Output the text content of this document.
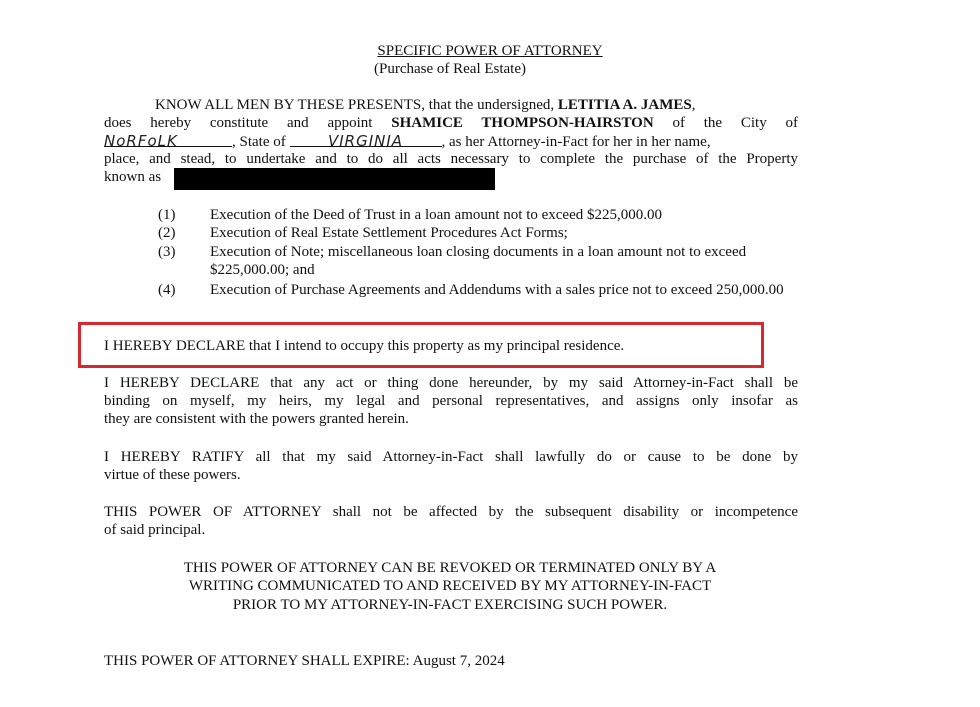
SPECIFIC POWER OF ATTORNEY
(Purchase of Real Estate)
KNOW ALL MEN BY THESE PRESENTS, that the undersigned, LETITIA A. JAMES,
does hereby constitute and appoint SHAMICE THOMPSON-HAIRSTON of the City of
NoRFoLK	, State of	VIRGINIA	, as her Attorney-in-Fact for her in her name,
place, and stead, to undertake and to do all acts necessary to complete the purchase of the Property
known as
(1)	Execution of the Deed of Trust in a loan amount not to exceed $225,000.00
(2)	Execution of Real Estate Settlement Procedures Act Forms;
(3)	Execution of Note; miscellaneous loan closing documents in a loan amount not to exceed $225,000.00; and
(4)	Execution of Purchase Agreements and Addendums with a sales price not to exceed 250,000.00
I HEREBY DECLARE that I intend to occupy this property as my principal residence.
I HEREBY DECLARE that any act or thing done hereunder, by my said Attorney-in-Fact shall be
binding on myself, my heirs, my legal and personal representatives, and assigns only insofar as
they are consistent with the powers granted herein.
I HEREBY RATIFY all that my said Attorney-in-Fact shall lawfully do or cause to be done by
virtue of these powers.
THIS POWER OF ATTORNEY shall not be affected by the subsequent disability or incompetence
of said principal.
THIS POWER OF ATTORNEY CAN BE REVOKED OR TERMINATED ONLY BY A
WRITING COMMUNICATED TO AND RECEIVED BY MY ATTORNEY-IN-FACT
PRIOR TO MY ATTORNEY-IN-FACT EXERCISING SUCH POWER.
THIS POWER OF ATTORNEY SHALL EXPIRE: August 7, 2024
